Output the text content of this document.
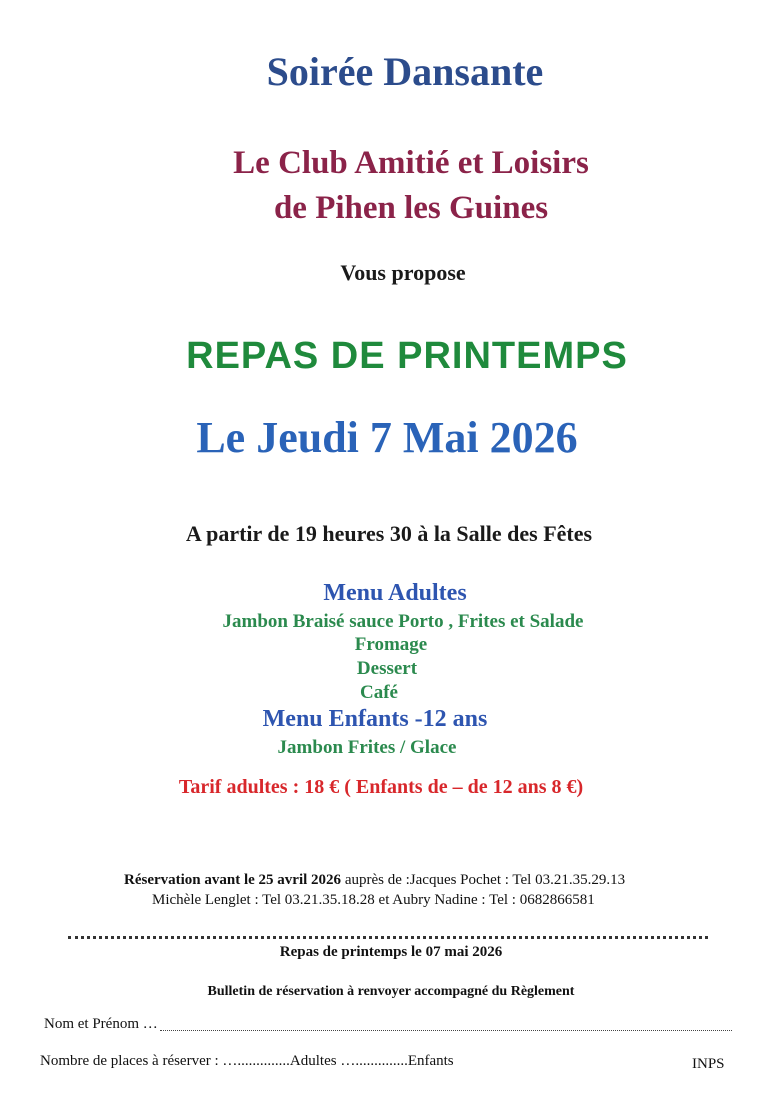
Soirée Dansante
Le Club Amitié et Loisirs
de Pihen les Guines
Vous propose
REPAS DE PRINTEMPS
Le Jeudi 7 Mai 2026
A partir de 19 heures 30 à la Salle des Fêtes
Menu Adultes
Jambon Braisé sauce Porto , Frites et Salade
Fromage
Dessert
Café
Menu Enfants -12 ans
Jambon Frites / Glace
Tarif adultes : 18 € ( Enfants de – de 12 ans 8 €)
Réservation avant le 25 avril 2026 auprès de :Jacques Pochet : Tel 03.21.35.29.13
Michèle Lenglet : Tel 03.21.35.18.28 et Aubry Nadine : Tel : 0682866581
Repas de printemps le 07 mai 2026
Bulletin de réservation à renvoyer accompagné du Règlement
Nom et Prénom …
Nombre de places à réserver : …..............Adultes …..............Enfants	INPS
